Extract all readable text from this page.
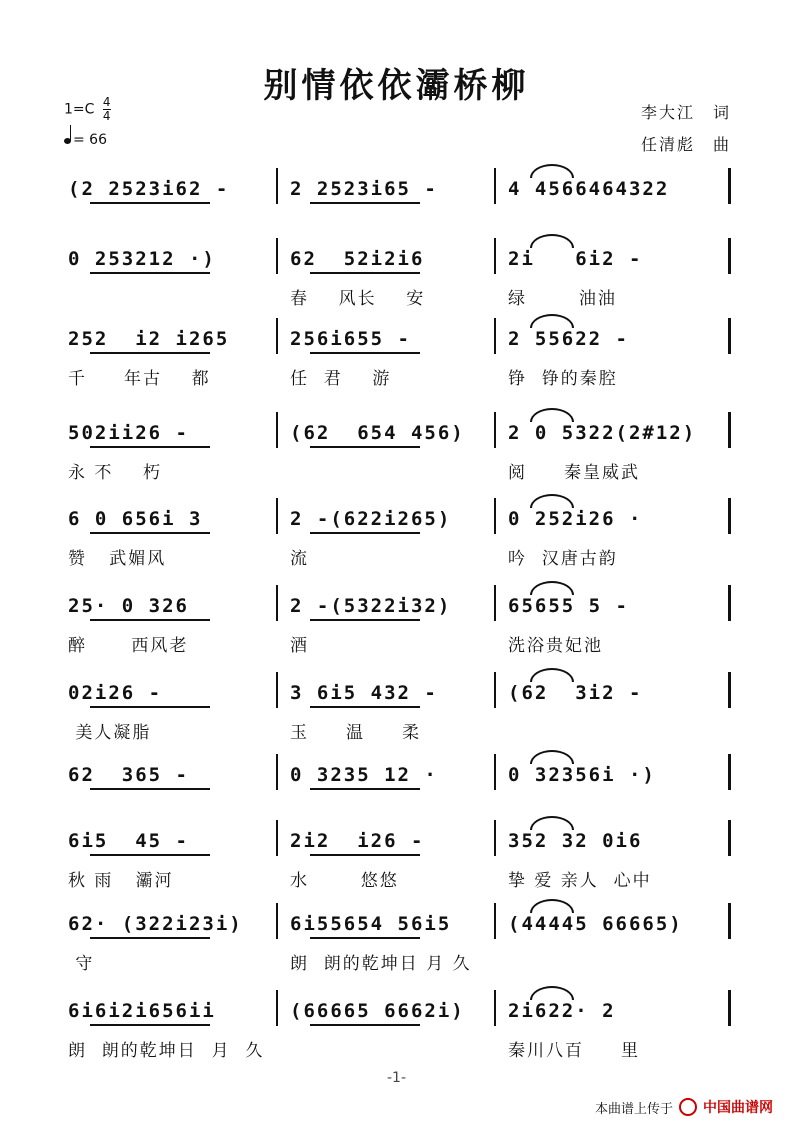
别情依依灞桥柳
$1=C \frac{4}{4}$
= 66
李大江　词
任清彪　曲
(2 2523i62 -	2 2523i65 -	4 4566464322
0 253212 ·)	62  52i2i6
春    风长    安
2i   6i2 -
绿       油油
252  i2 i265
千     年古    都
256i655 -
任  君    游
2 55622 -
铮  铮的秦腔
502ii26 -
永 不    朽
(62  654 456) 2 0 5322(2#12)
阅     秦皇威武
6 0 656i 3
赞   武媚风
2 -(622i265)
流
0 252i26 ·
吟  汉唐古韵
25· 0 326
醉      西风老
2 -(5322i32)
酒
65655 5 -
洗浴贵妃池
02i26 -
美人凝脂
3 6i5 432 -
玉     温     柔
(62  3i2 -
62  365 -	0 3235 12 ·	0 32356i ·)
6i5  45 -
秋 雨   灞河
2i2  i26 -
水       悠悠
352 32 0i6
挚 爱 亲人  心中
62· (322i23i)
守
6i55654 56i5
朗  朗的乾坤日 月 久
(44445 66665)
6i6i2i656ii
朗  朗的乾坤日  月  久
(66665 6662i) 2i622· 2
秦川八百     里
-1-
本曲谱上传于 中国曲谱网
